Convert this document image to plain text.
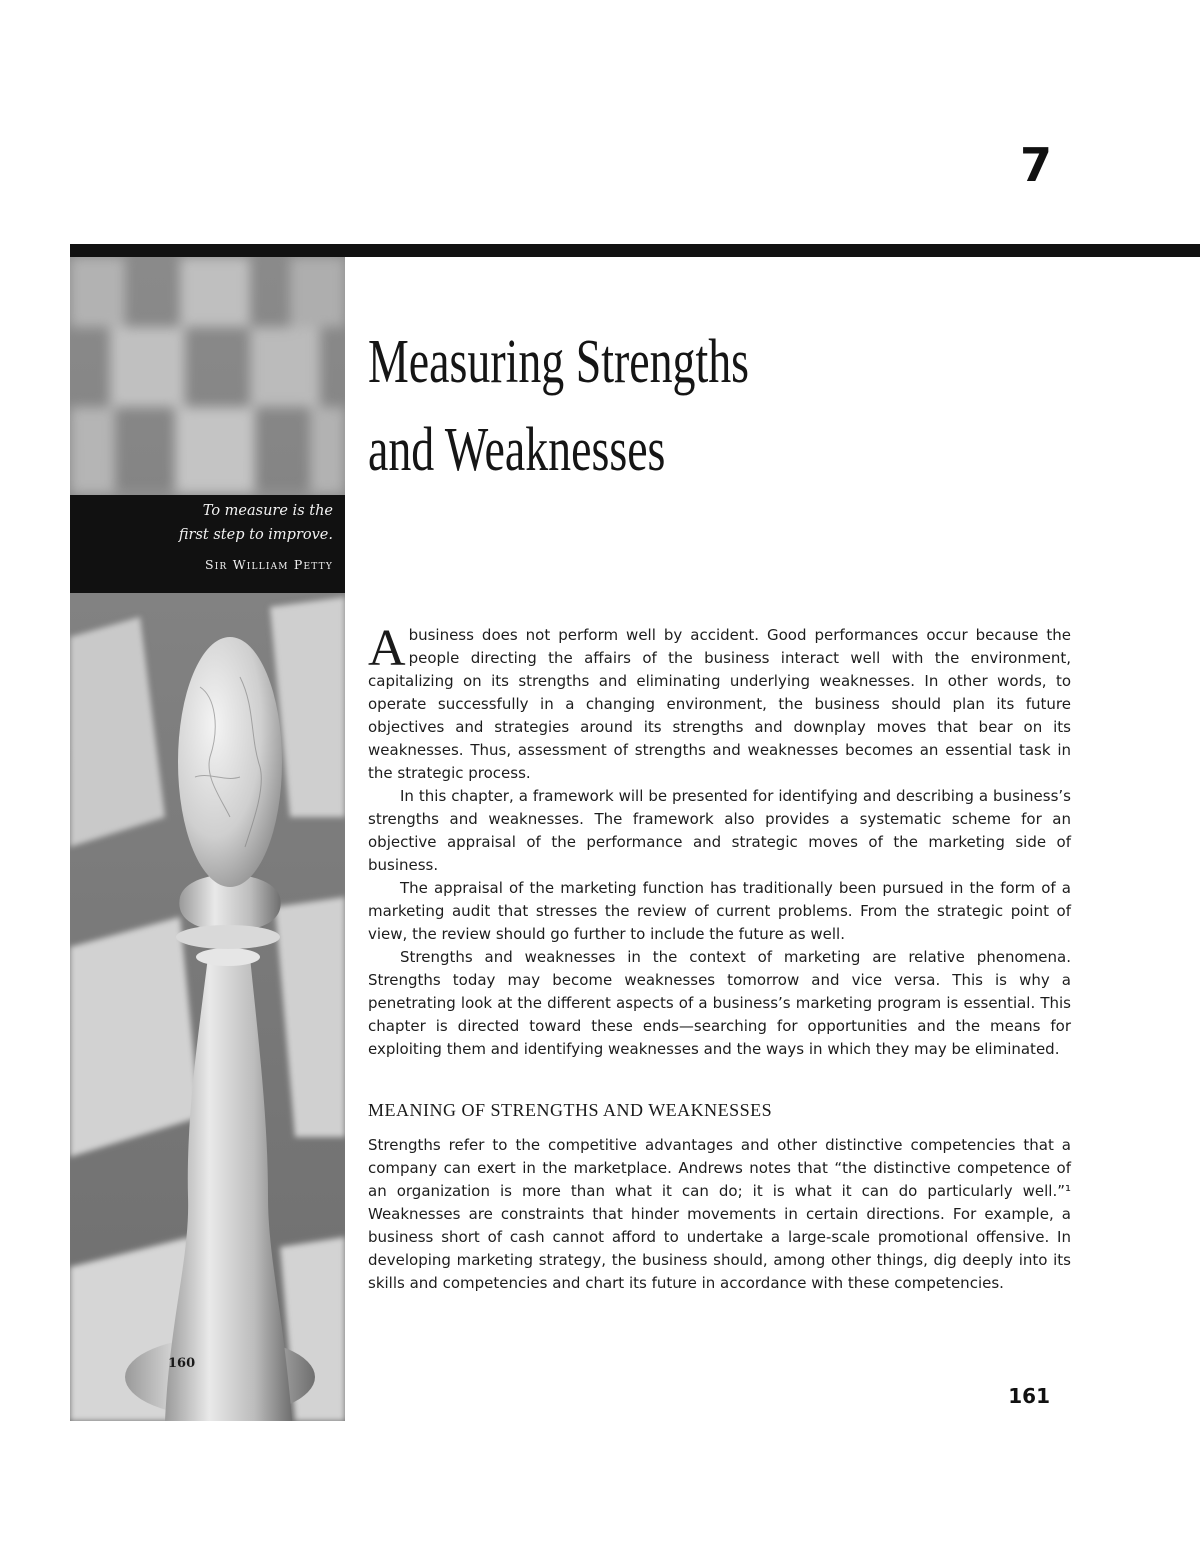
7
To measure is the
first step to improve.
Sir William Petty
160
Measuring Strengths
and Weaknesses

A business does not perform well by accident. Good performances occur because the people directing the affairs of the business interact well with the environment, capitalizing on its strengths and eliminating underlying weaknesses. In other words, to operate successfully in a changing environment, the business should plan its future objectives and strategies around its strengths and downplay moves that bear on its weaknesses. Thus, assessment of strengths and weaknesses becomes an essential task in the strategic process.

In this chapter, a framework will be presented for identifying and describing a business’s strengths and weaknesses. The framework also provides a systematic scheme for an objective appraisal of the performance and strategic moves of the marketing side of business.

The appraisal of the marketing function has traditionally been pursued in the form of a marketing audit that stresses the review of current problems. From the strategic point of view, the review should go further to include the future as well.

Strengths and weaknesses in the context of marketing are relative phenomena. Strengths today may become weaknesses tomorrow and vice versa. This is why a penetrating look at the different aspects of a business’s marketing program is essential. This chapter is directed toward these ends—searching for opportunities and the means for exploiting them and identifying weaknesses and the ways in which they may be eliminated.

MEANING OF STRENGTHS AND WEAKNESSES

Strengths refer to the competitive advantages and other distinctive competencies that a company can exert in the marketplace. Andrews notes that “the distinctive competence of an organization is more than what it can do; it is what it can do particularly well.”¹ Weaknesses are constraints that hinder movements in certain directions. For example, a business short of cash cannot afford to undertake a large-scale promotional offensive. In developing marketing strategy, the business should, among other things, dig deeply into its skills and competencies and chart its future in accordance with these competencies.

161
